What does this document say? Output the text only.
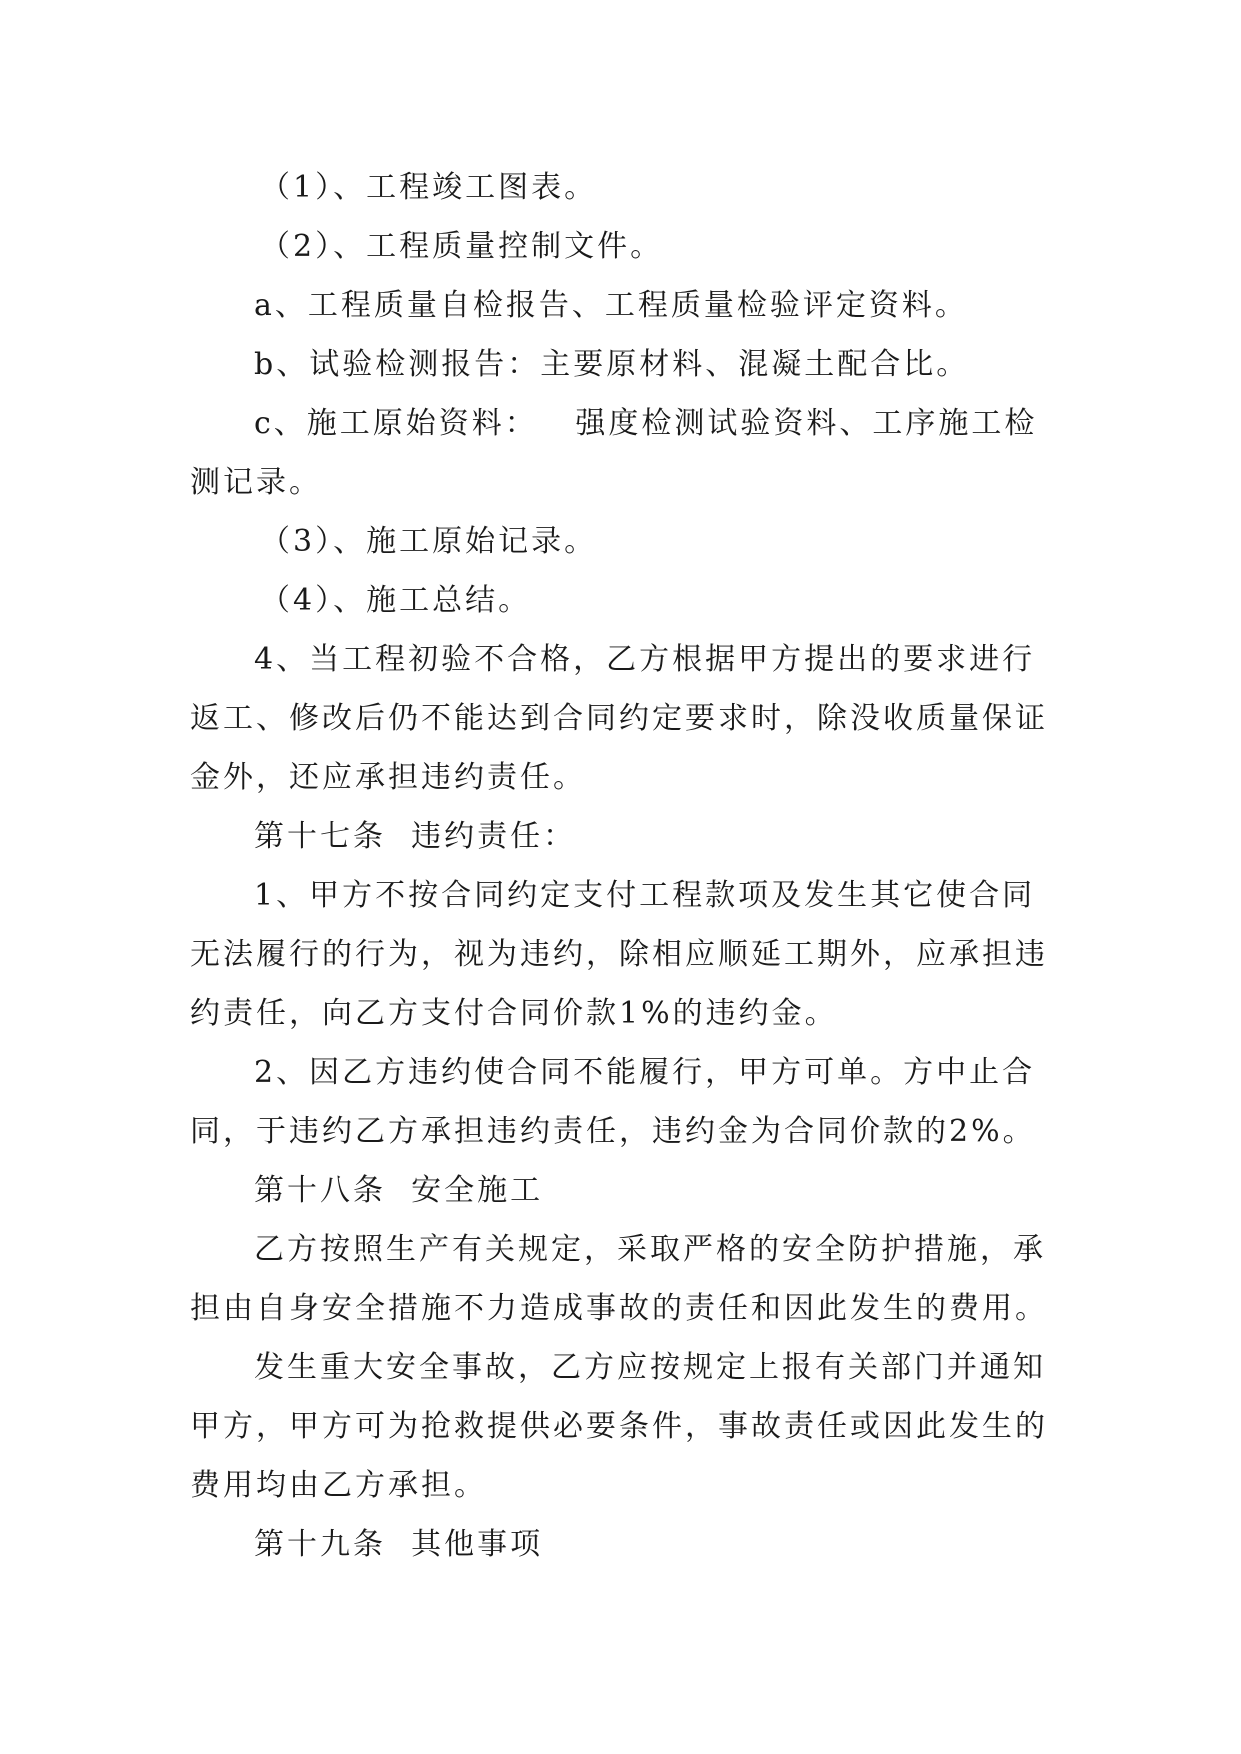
（1）、工程竣工图表。
（2）、工程质量控制文件。
a、工程质量自检报告、工程质量检验评定资料。
b、试验检测报告：主要原材料、混凝土配合比。
c、施工原始资料：   强度检测试验资料、工序施工检
测记录。
（3）、施工原始记录。
（4）、施工总结。
4、当工程初验不合格，乙方根据甲方提出的要求进行
返工、修改后仍不能达到合同约定要求时，除没收质量保证
金外，还应承担违约责任。
第十七条  违约责任：
1、甲方不按合同约定支付工程款项及发生其它使合同
无法履行的行为，视为违约，除相应顺延工期外，应承担违
约责任，向乙方支付合同价款1%的违约金。
2、因乙方违约使合同不能履行，甲方可单。方中止合
同，于违约乙方承担违约责任，违约金为合同价款的2%。
第十八条  安全施工
乙方按照生产有关规定，采取严格的安全防护措施，承
担由自身安全措施不力造成事故的责任和因此发生的费用。
发生重大安全事故，乙方应按规定上报有关部门并通知
甲方，甲方可为抢救提供必要条件，事故责任或因此发生的
费用均由乙方承担。
第十九条  其他事项
